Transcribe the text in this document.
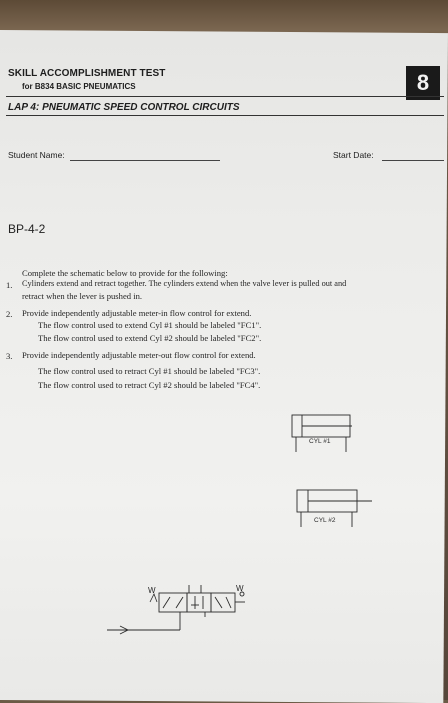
SKILL ACCOMPLISHMENT TEST
for B834 BASIC PNEUMATICS	8
LAP 4: PNEUMATIC SPEED CONTROL CIRCUITS
Student Name:	Start Date:
BP-4-2
Complete the schematic below to provide for the following:
1. Cylinders extend and retract together. The cylinders extend when the valve lever is pulled out and
retract when the lever is pushed in.
2. Provide independently adjustable meter-in flow control for extend.
The flow control used to extend Cyl #1 should be labeled "FC1".
The flow control used to extend Cyl #2 should be labeled "FC2".
3. Provide independently adjustable meter-out flow control for extend.
The flow control used to retract Cyl #1 should be labeled "FC3".
The flow control used to retract Cyl #2 should be labeled "FC4".
CYL #1
CYL #2
W	W
